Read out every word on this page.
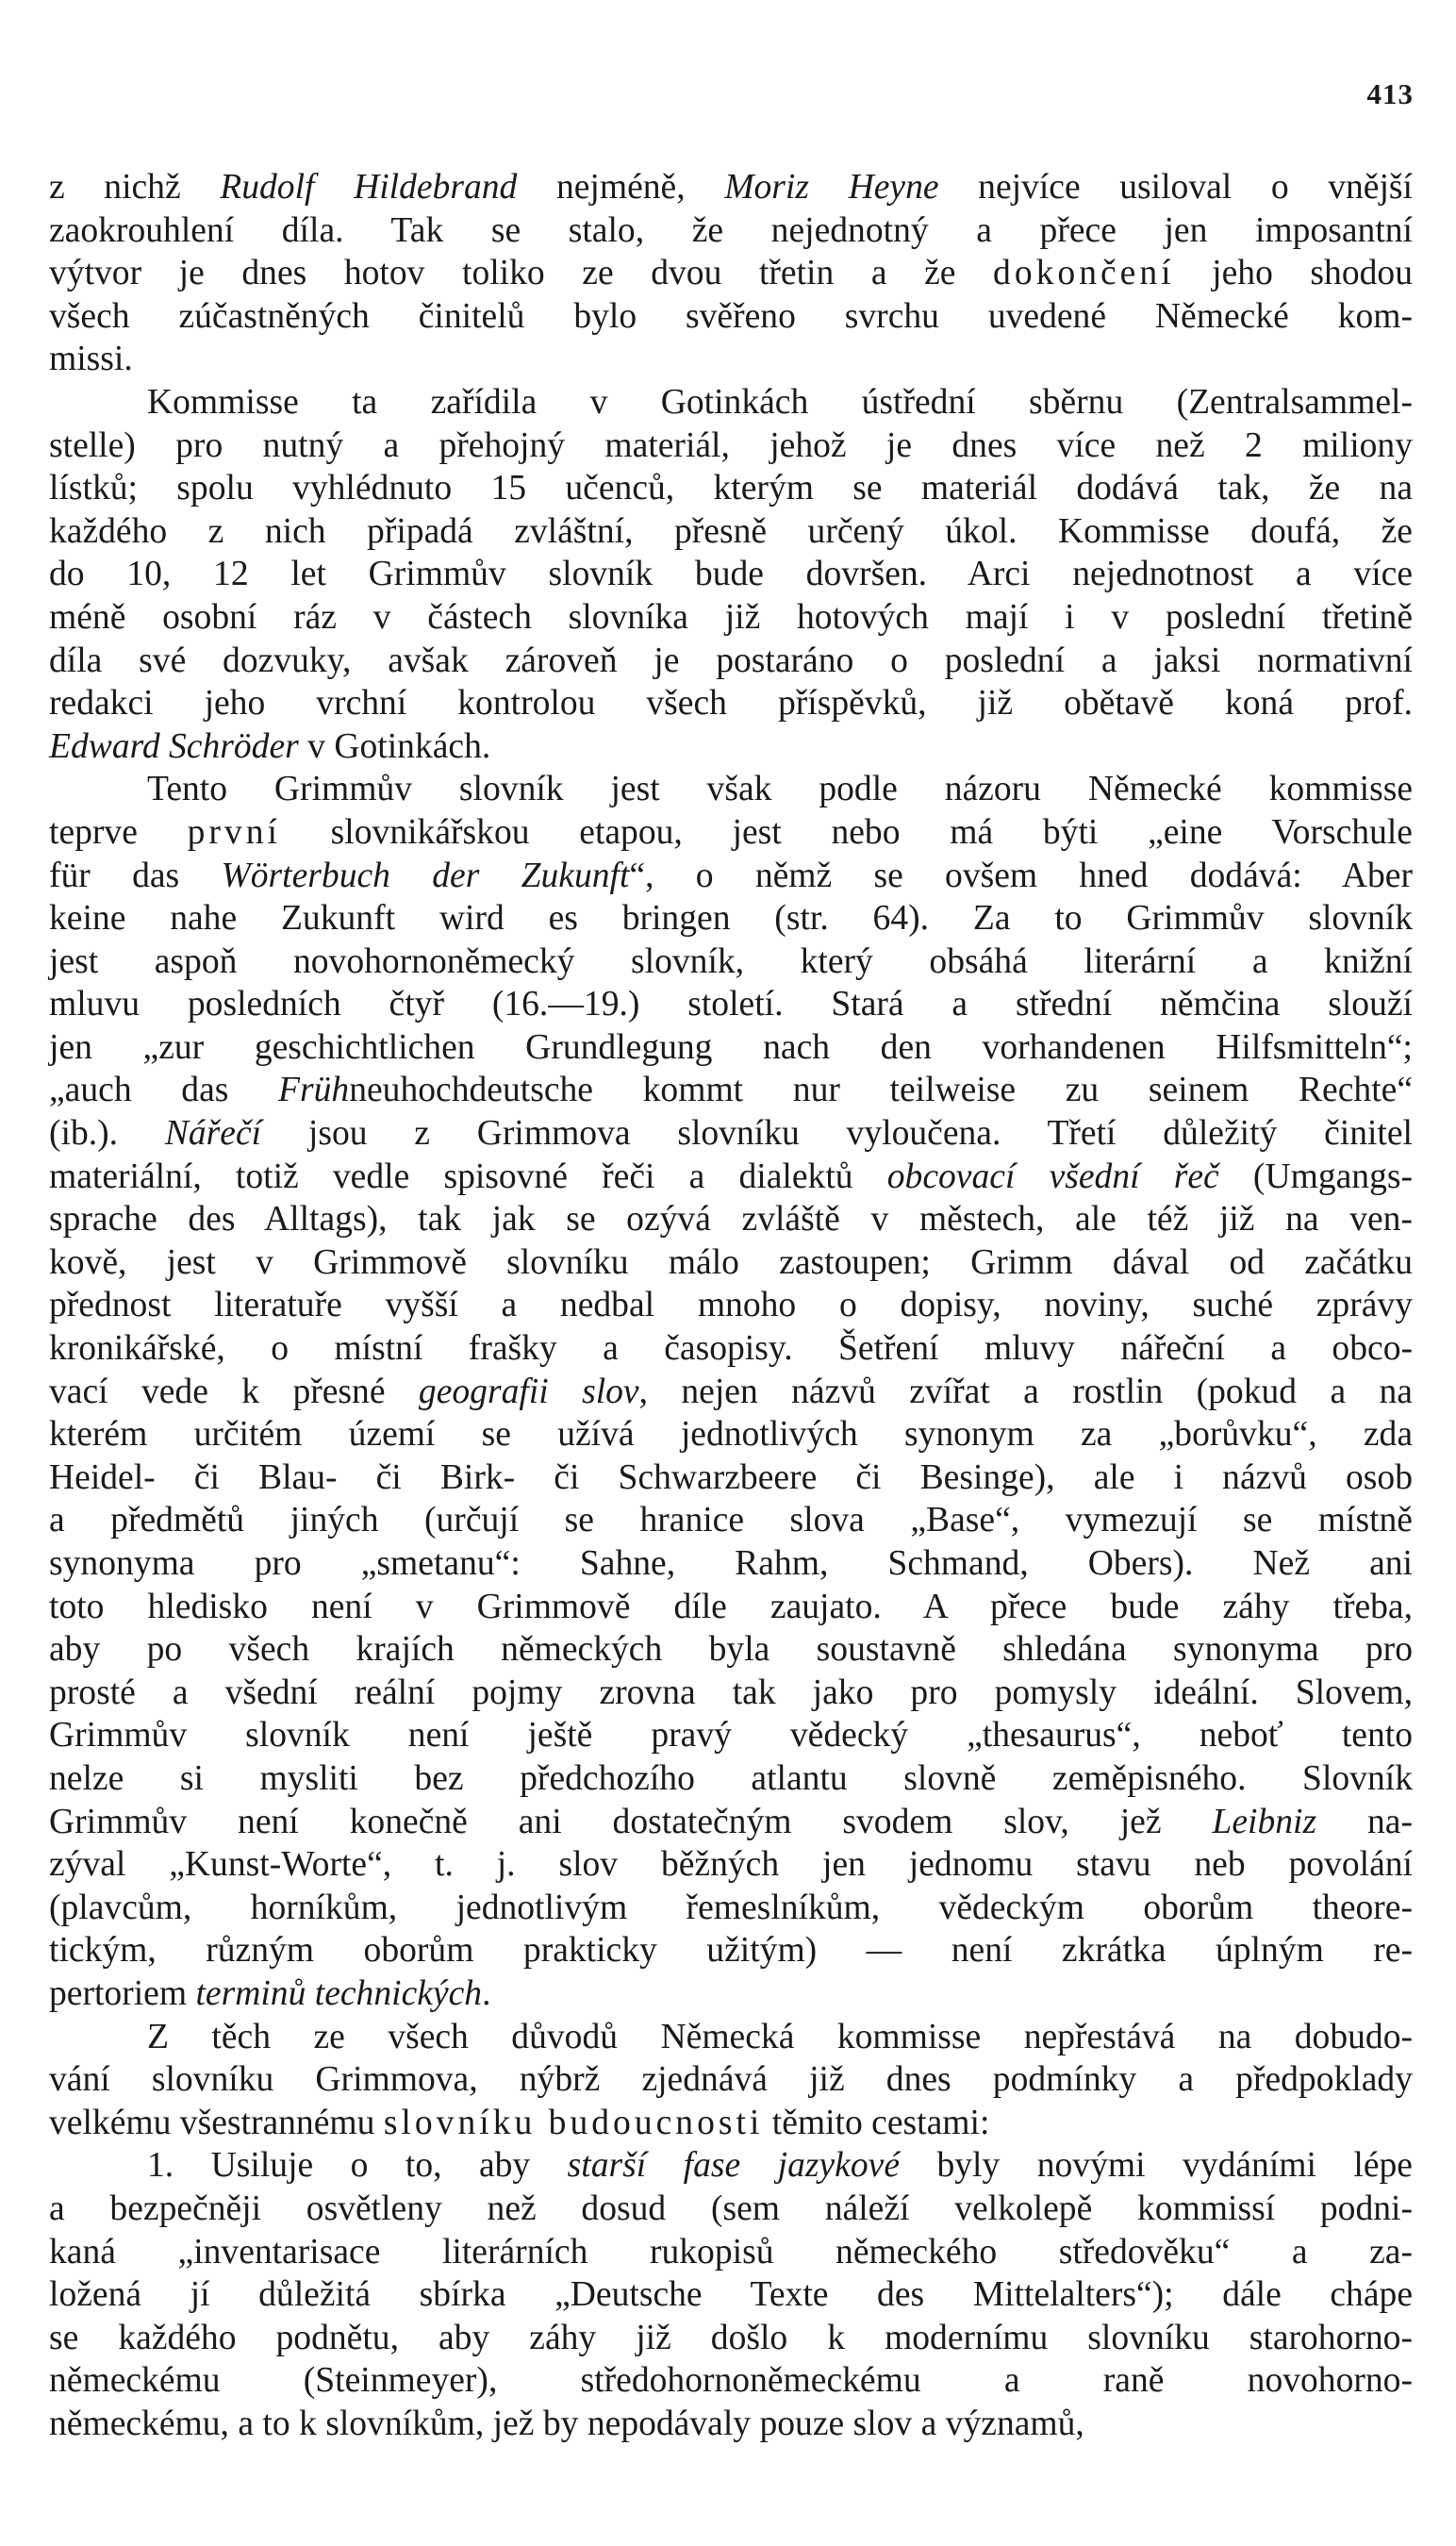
413

z nichž Rudolf Hildebrand nejméně, Moriz Heyne nejvíce usiloval o vnější
zaokrouhlení díla. Tak se stalo, že nejednotný a přece jen imposantní
výtvor je dnes hotov toliko ze dvou třetin a že dokončení jeho shodou
všech zúčastněných činitelů bylo svěřeno svrchu uvedené Německé kom-
missi.

Kommisse ta zařídila v Gotinkách ústřední sběrnu (Zentralsammel-
stelle) pro nutný a přehojný materiál, jehož je dnes více než 2 miliony
lístků; spolu vyhlédnuto 15 učenců, kterým se materiál dodává tak, že na
každého z nich připadá zvláštní, přesně určený úkol. Kommisse doufá, že
do 10, 12 let Grimmův slovník bude dovršen. Arci nejednotnost a více
méně osobní ráz v částech slovníka již hotových mají i v poslední třetině
díla své dozvuky, avšak zároveň je postaráno o poslední a jaksi normativní
redakci jeho vrchní kontrolou všech příspěvků, již obětavě koná prof.
Edward Schröder v Gotinkách.

Tento Grimmův slovník jest však podle názoru Německé kommisse
teprve první slovnikářskou etapou, jest nebo má býti „eine Vorschule
für das Wörterbuch der Zukunft“, o němž se ovšem hned dodává: Aber
keine nahe Zukunft wird es bringen (str. 64). Za to Grimmův slovník
jest aspoň novohornoněmecký slovník, který obsáhá literární a knižní
mluvu posledních čtyř (16.—19.) století. Stará a střední němčina slouží
jen „zur geschichtlichen Grundlegung nach den vorhandenen Hilfsmitteln“;
„auch das Frühneuhochdeutsche kommt nur teilweise zu seinem Rechte“
(ib.). Nářečí jsou z Grimmova slovníku vyloučena. Třetí důležitý činitel
materiální, totiž vedle spisovné řeči a dialektů obcovací všední řeč (Umgangs-
sprache des Alltags), tak jak se ozývá zvláště v městech, ale též již na ven-
kově, jest v Grimmově slovníku málo zastoupen; Grimm dával od začátku
přednost literatuře vyšší a nedbal mnoho o dopisy, noviny, suché zprávy
kronikářské, o místní frašky a časopisy. Šetření mluvy nářeční a obco-
vací vede k přesné geografii slov, nejen názvů zvířat a rostlin (pokud a na
kterém určitém území se užívá jednotlivých synonym za „borůvku“, zda
Heidel- či Blau- či Birk- či Schwarzbeere či Besinge), ale i názvů osob
a předmětů jiných (určují se hranice slova „Base“, vymezují se místně
synonyma pro „smetanu“: Sahne, Rahm, Schmand, Obers). Než ani
toto hledisko není v Grimmově díle zaujato. A přece bude záhy třeba,
aby po všech krajích německých byla soustavně shledána synonyma pro
prosté a všední reální pojmy zrovna tak jako pro pomysly ideální. Slovem,
Grimmův slovník není ještě pravý vědecký „thesaurus“, neboť tento
nelze si mysliti bez předchozího atlantu slovně zeměpisného. Slovník
Grimmův není konečně ani dostatečným svodem slov, jež Leibniz na-
zýval „Kunst-Worte“, t. j. slov běžných jen jednomu stavu neb povolání
(plavcům, horníkům, jednotlivým řemeslníkům, vědeckým oborům theore-
tickým, různým oborům prakticky užitým) — není zkrátka úplným re-
pertoriem terminů technických.

Z těch ze všech důvodů Německá kommisse nepřestává na dobudo-
vání slovníku Grimmova, nýbrž zjednává již dnes podmínky a předpoklady
velkému všestrannému slovníku budoucnosti těmito cestami:

1. Usiluje o to, aby starší fase jazykové byly novými vydáními lépe
a bezpečněji osvětleny než dosud (sem náleží velkolepě kommissí podni-
kaná „inventarisace literárních rukopisů německého středověku“ a za-
ložená jí důležitá sbírka „Deutsche Texte des Mittelalters“); dále chápe
se každého podnětu, aby záhy již došlo k modernímu slovníku starohorno-
německému (Steinmeyer), středohornoněmeckému a raně novohorno-
německému, a to k slovníkům, jež by nepodávaly pouze slov a významů,
